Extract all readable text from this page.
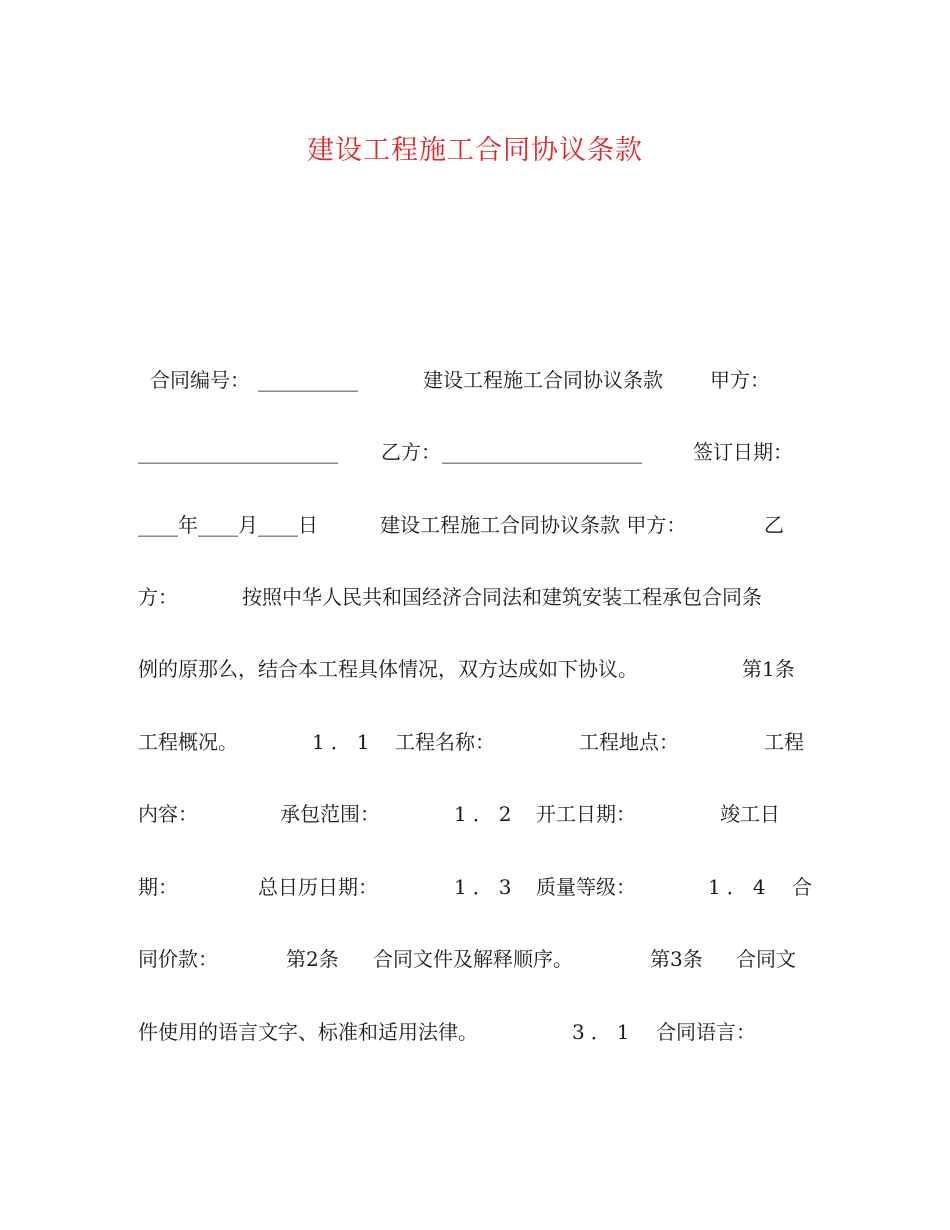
建设工程施工合同协议条款
合同编号： __________	建设工程施工合同协议条款 甲方：
____________________ 乙方： ____________________	签订日期：
____年____月____日	建设工程施工合同协议条款 甲方：	乙
方：	按照中华人民共和国经济合同法和建筑安装工程承包合同条
例的原那么，结合本工程具体情况，双方达成如下协议。	第1条
工程概况。	1．1 工程名称：	工程地点：	工程
内容：	承包范围：	1．2 开工日期：	竣工日
期：	总日历日期：	1．3 质量等级：	1．4 合
同价款：	第2条 合同文件及解释顺序。	第3条 合同文
件使用的语言文字、标准和适用法律。	3．1 合同语言：
